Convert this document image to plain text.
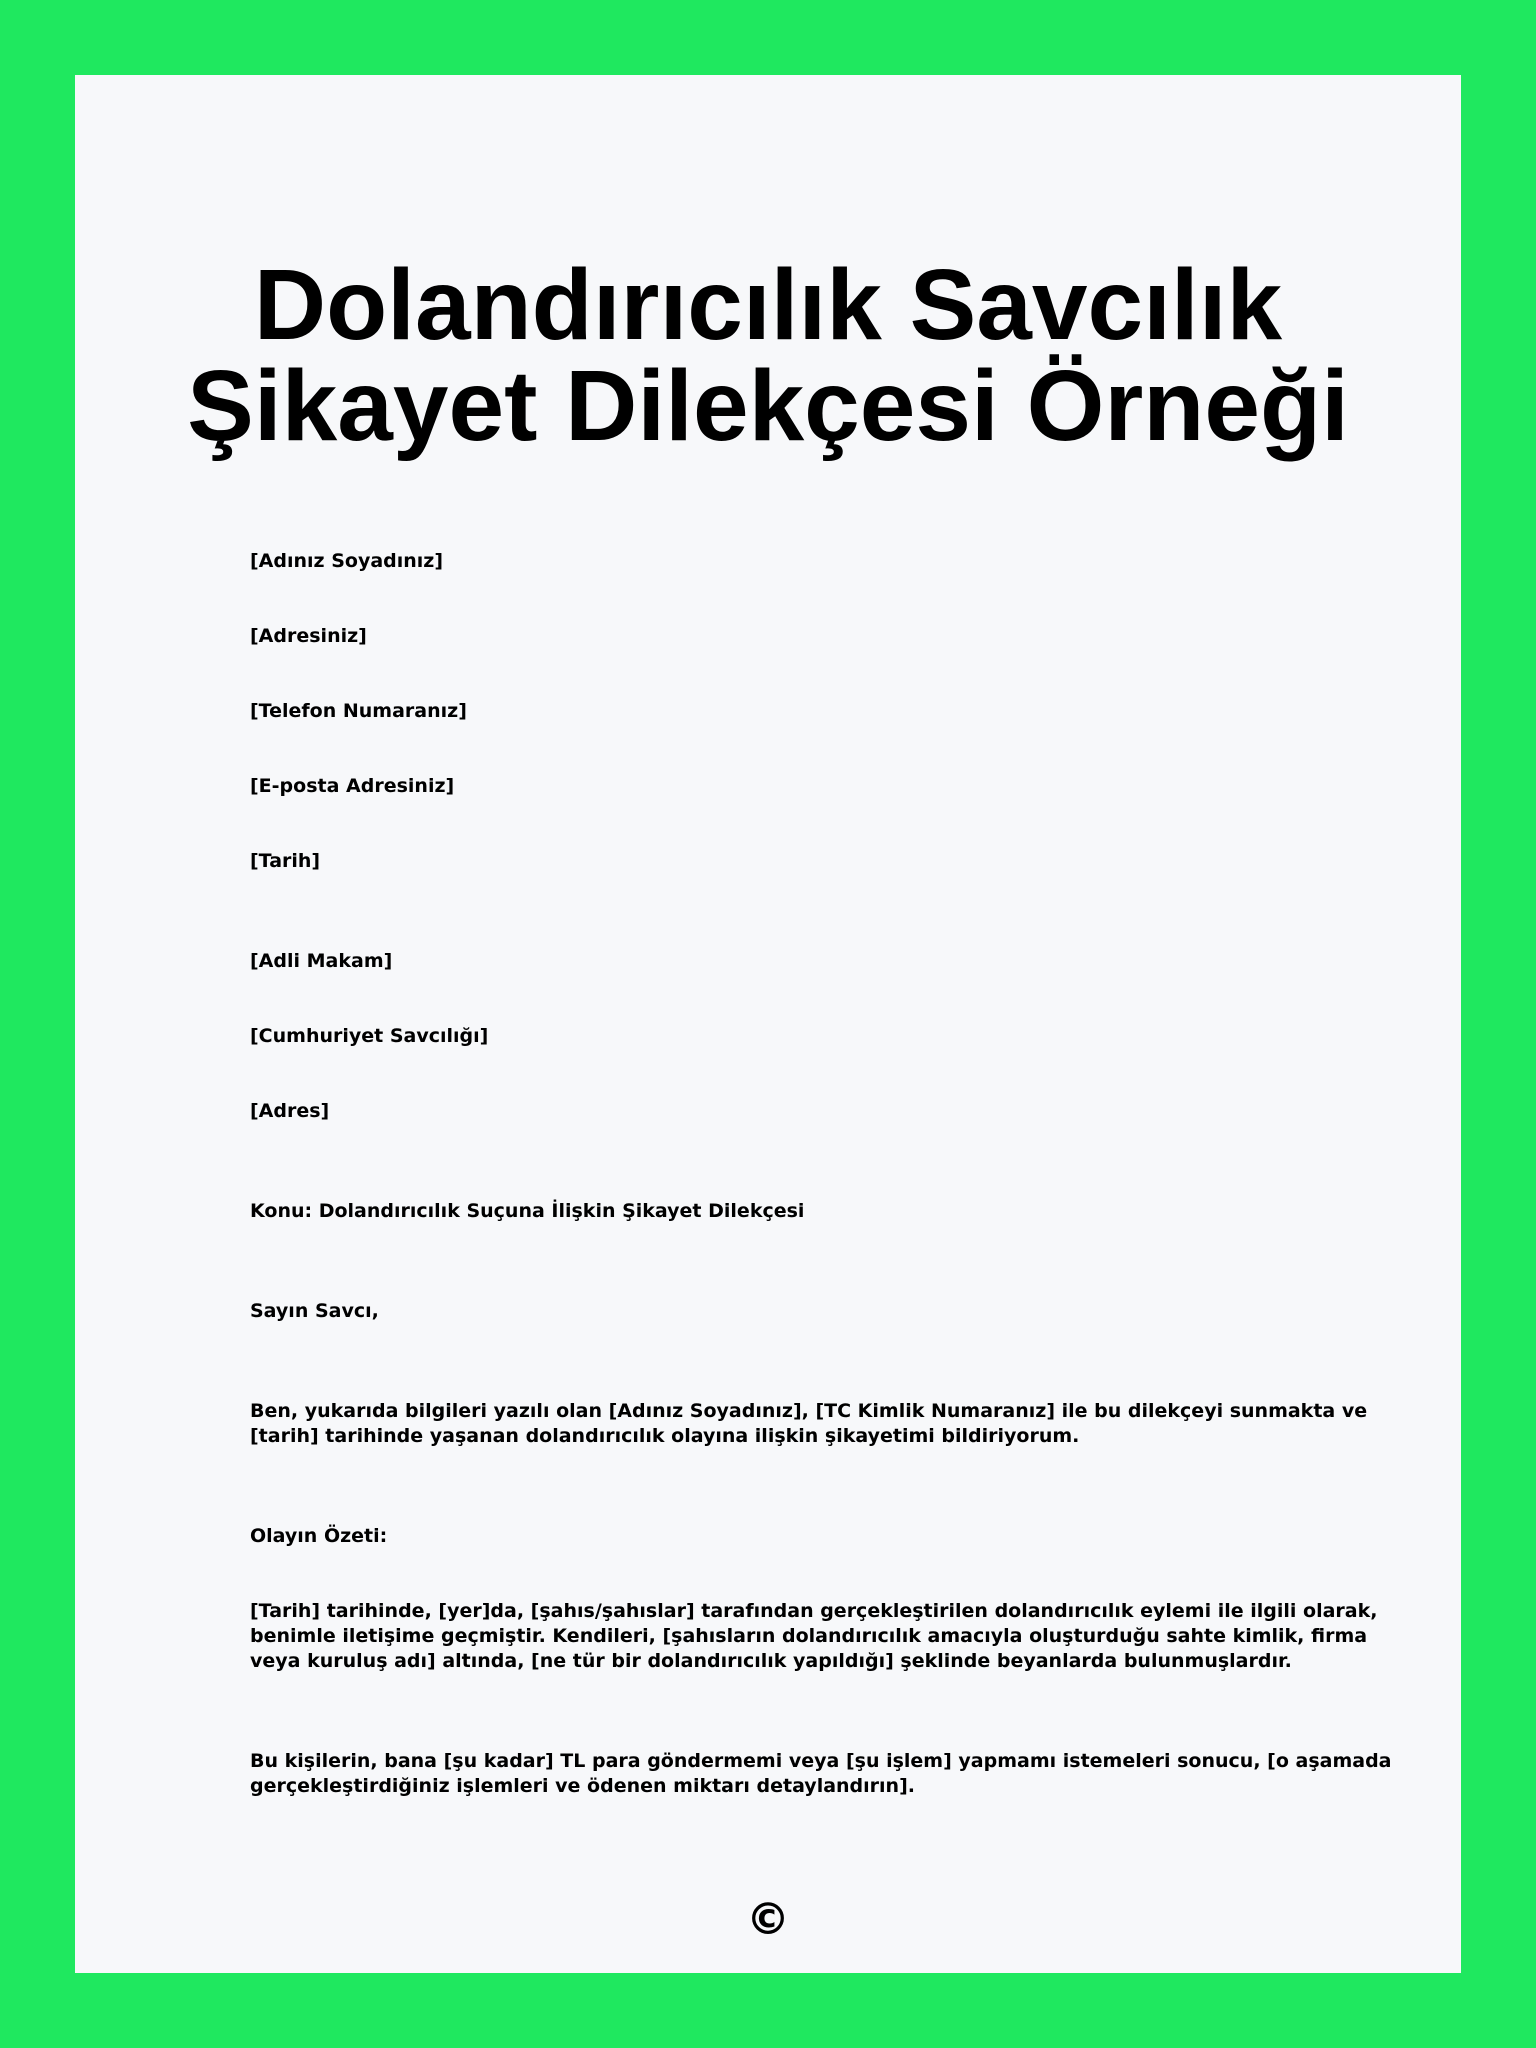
Dolandırıcılık Savcılık
Şikayet Dilekçesi Örneği
[Adınız Soyadınız]
[Adresiniz]
[Telefon Numaranız]
[E-posta Adresiniz]
[Tarih]
[Adli Makam]
[Cumhuriyet Savcılığı]
[Adres]
Konu: Dolandırıcılık Suçuna İlişkin Şikayet Dilekçesi
Sayın Savcı,
Ben, yukarıda bilgileri yazılı olan [Adınız Soyadınız], [TC Kimlik Numaranız] ile bu dilekçeyi sunmakta ve
[tarih] tarihinde yaşanan dolandırıcılık olayına ilişkin şikayetimi bildiriyorum.
Olayın Özeti:
[Tarih] tarihinde, [yer]da, [şahıs/şahıslar] tarafından gerçekleştirilen dolandırıcılık eylemi ile ilgili olarak,
benimle iletişime geçmiştir. Kendileri, [şahısların dolandırıcılık amacıyla oluşturduğu sahte kimlik, firma
veya kuruluş adı] altında, [ne tür bir dolandırıcılık yapıldığı] şeklinde beyanlarda bulunmuşlardır.
Bu kişilerin, bana [şu kadar] TL para göndermemi veya [şu işlem] yapmamı istemeleri sonucu, [o aşamada
gerçekleştirdiğiniz işlemleri ve ödenen miktarı detaylandırın].
©
